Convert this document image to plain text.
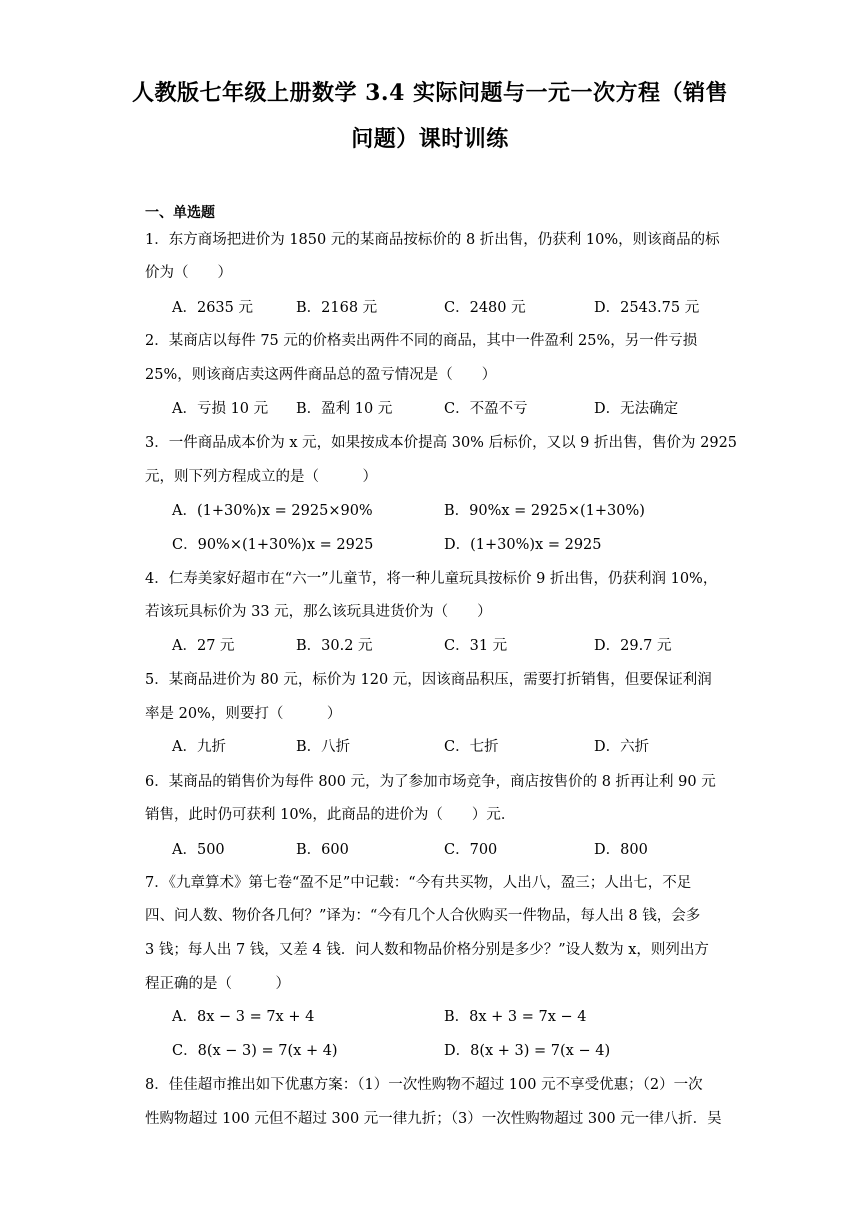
人教版七年级上册数学 3.4 实际问题与一元一次方程（销售
问题）课时训练
一、单选题
1．东方商场把进价为 1850 元的某商品按标价的 8 折出售，仍获利 10%，则该商品的标
价为（　　）
A．2635 元	B．2168 元	C．2480 元	D．2543.75 元
2．某商店以每件 75 元的价格卖出两件不同的商品，其中一件盈利 25%，另一件亏损
25%，则该商店卖这两件商品总的盈亏情况是（　　）
A．亏损 10 元 B．盈利 10 元	C．不盈不亏	D．无法确定
3．一件商品成本价为 x 元，如果按成本价提高 30% 后标价，又以 9 折出售，售价为 2925
元，则下列方程成立的是（　　　）
A．(1+30%)x = 2925×90%	B．90%x = 2925×(1+30%)
C．90%×(1+30%)x = 2925	D．(1+30%)x = 2925
4．仁寿美家好超市在“六一”儿童节，将一种儿童玩具按标价 9 折出售，仍获利润 10%，
若该玩具标价为 33 元，那么该玩具进货价为（　　）
A．27 元	B．30.2 元	C．31 元	D．29.7 元
5．某商品进价为 80 元，标价为 120 元，因该商品积压，需要打折销售，但要保证利润
率是 20%，则要打（　　　）
A．九折	B．八折	C．七折	D．六折
6．某商品的销售价为每件 800 元，为了参加市场竞争，商店按售价的 8 折再让利 90 元
销售，此时仍可获利 10%，此商品的进价为（　　）元．
A．500	B．600	C．700	D．800
7．《九章算术》第七卷“盈不足”中记载：“今有共买物，人出八，盈三；人出七，不足
四、问人数、物价各几何？”译为：“今有几个人合伙购买一件物品，每人出 8 钱，会多
3 钱；每人出 7 钱，又差 4 钱．问人数和物品价格分别是多少？”设人数为 x，则列出方
程正确的是（　　　）
A．8x − 3 = 7x + 4	B．8x + 3 = 7x − 4
C．8(x − 3) = 7(x + 4)	D．8(x + 3) = 7(x − 4)
8．佳佳超市推出如下优惠方案：（1）一次性购物不超过 100 元不享受优惠；（2）一次
性购物超过 100 元但不超过 300 元一律九折；（3）一次性购物超过 300 元一律八折．吴
